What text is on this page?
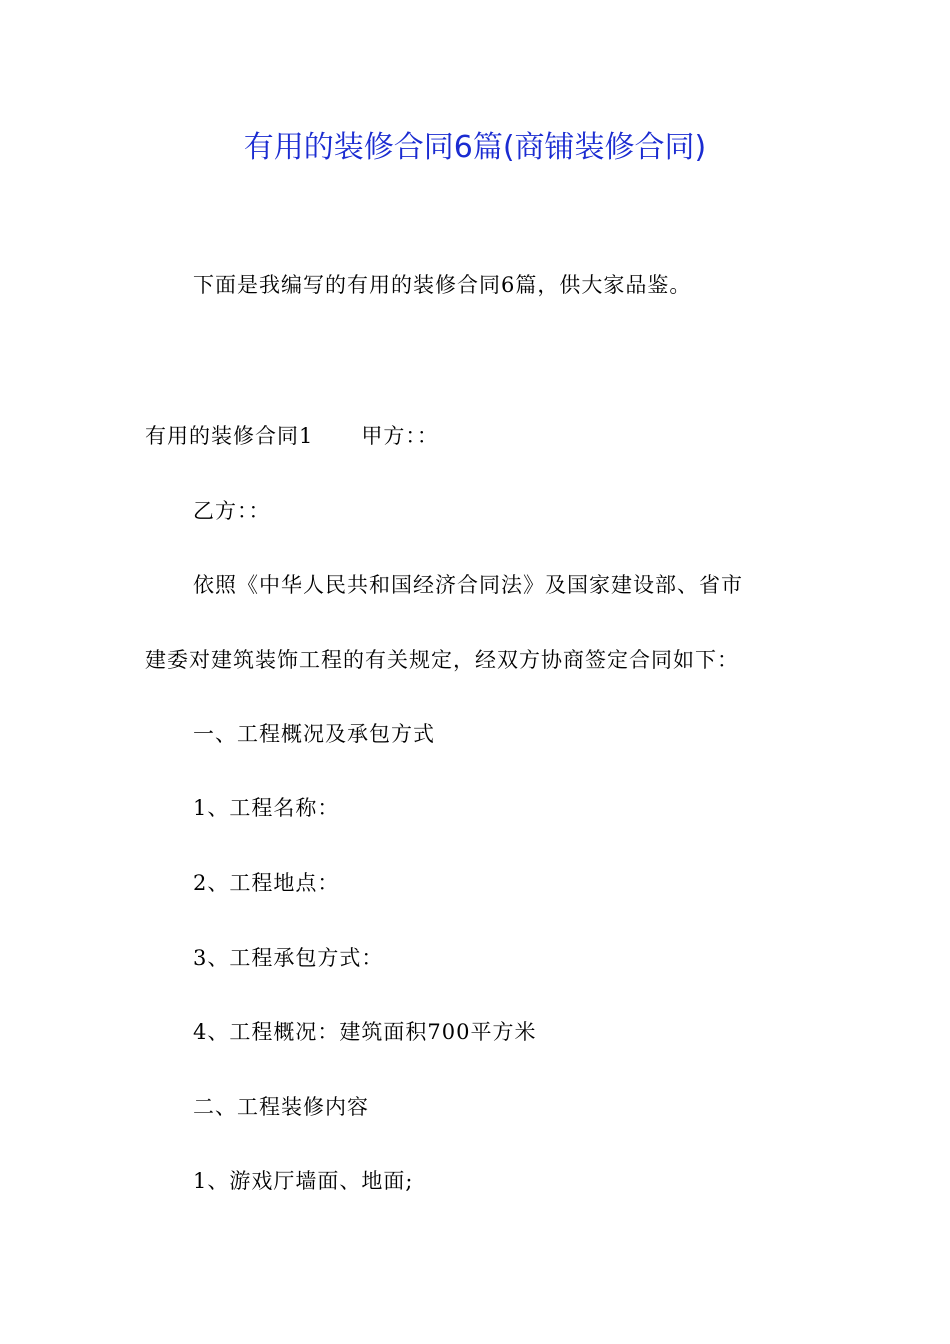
有用的装修合同6篇(商铺装修合同)
下面是我编写的有用的装修合同6篇，供大家品鉴。
有用的装修合同1 甲方：：
乙方：：
依照《中华人民共和国经济合同法》及国家建设部、省市
建委对建筑装饰工程的有关规定，经双方协商签定合同如下：
一、工程概况及承包方式
1、工程名称：
2、工程地点：
3、工程承包方式：
4、工程概况：建筑面积700平方米
二、工程装修内容
1、游戏厅墙面、地面;
